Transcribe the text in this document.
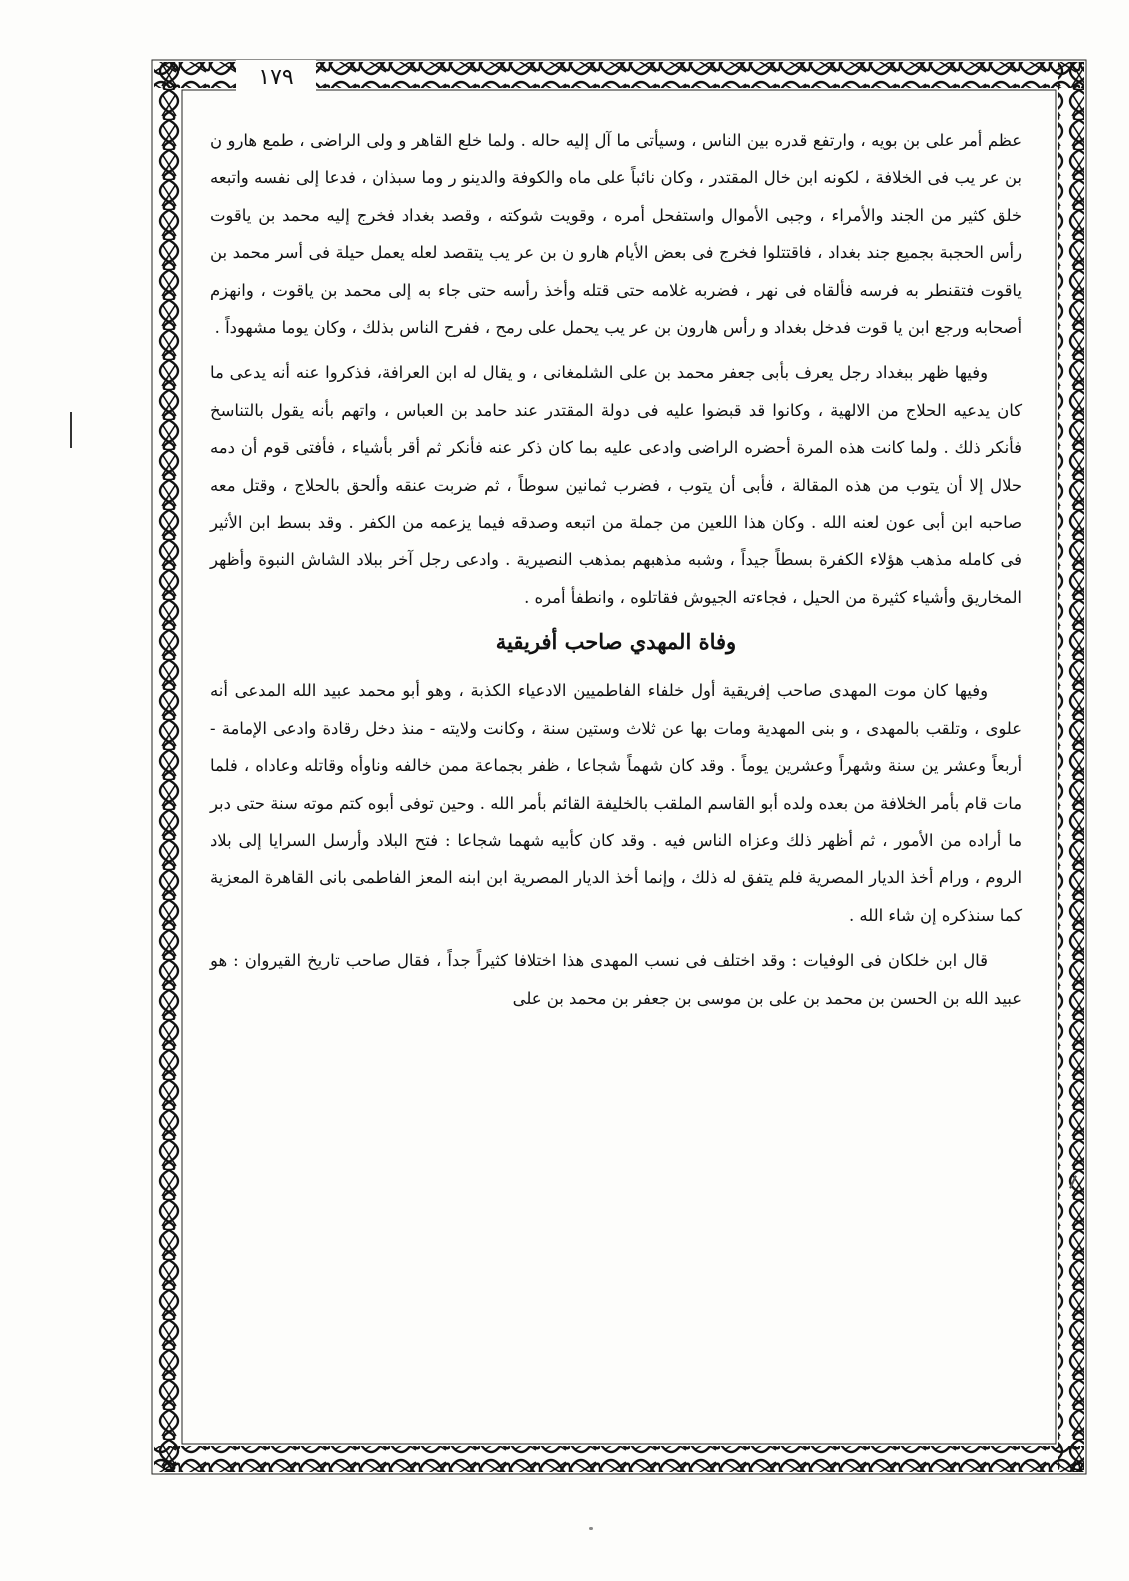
١٧٩

عظم أمر على بن بويه ، وارتفع قدره بين الناس ، وسيأتى ما آل إليه حاله . ولما خلع القاهر و ولى الراضى ، طمع هارو ن بن عر يب فى الخلافة ، لكونه ابن خال المقتدر ، وكان نائباً على ماه والكوفة والدينو ر وما سبذان ، فدعا إلى نفسه واتبعه خلق كثير من الجند والأمراء ، وجبى الأموال واستفحل أمره ، وقويت شوكته ، وقصد بغداد فخرج إليه محمد بن ياقوت رأس الحجبة بجميع جند بغداد ، فاقتتلوا فخرج فى بعض الأيام هارو ن بن عر يب يتقصد لعله يعمل حيلة فى أسر محمد بن ياقوت فتقنطر به فرسه فألقاه فى نهر ، فضربه غلامه حتى قتله وأخذ رأسه حتى جاء به إلى محمد بن ياقوت ، وانهزم أصحابه ورجع ابن يا قوت فدخل بغداد و رأس هارون بن عر يب يحمل على رمح ، ففرح الناس بذلك ، وكان يوما مشهوداً .

وفيها ظهر ببغداد رجل يعرف بأبى جعفر محمد بن على الشلمغانى ، و يقال له ابن العرافة، فذكروا عنه أنه يدعى ما كان يدعيه الحلاج من الالهية ، وكانوا قد قبضوا عليه فى دولة المقتدر عند حامد بن العباس ، واتهم بأنه يقول بالتناسخ فأنكر ذلك . ولما كانت هذه المرة أحضره الراضى وادعى عليه بما كان ذكر عنه فأنكر ثم أقر بأشياء ، فأفتى قوم أن دمه حلال إلا أن يتوب من هذه المقالة ، فأبى أن يتوب ، فضرب ثمانين سوطاً ، ثم ضربت عنقه وألحق بالحلاج ، وقتل معه صاحبه ابن أبى عون لعنه الله . وكان هذا اللعين من جملة من اتبعه وصدقه فيما يزعمه من الكفر . وقد بسط ابن الأثير فى كامله مذهب هؤلاء الكفرة بسطاً جيداً ، وشبه مذهبهم بمذهب النصيرية . وادعى رجل آخر ببلاد الشاش النبوة وأظهر المخاريق وأشياء كثيرة من الحيل ، فجاءته الجيوش فقاتلوه ، وانطفأ أمره .

وفاة المهدي صاحب أفريقية

وفيها كان موت المهدى صاحب إفريقية أول خلفاء الفاطميين الادعياء الكذبة ، وهو أبو محمد عبيد الله المدعى أنه علوى ، وتلقب بالمهدى ، و بنى المهدية ومات بها عن ثلاث وستين سنة ، وكانت ولايته - منذ دخل رقادة وادعى الإمامة - أربعاً وعشر ين سنة وشهراً وعشرين يوماً . وقد كان شهماً شجاعا ، ظفر بجماعة ممن خالفه وناوأه وقاتله وعاداه ، فلما مات قام بأمر الخلافة من بعده ولده أبو القاسم الملقب بالخليفة القائم بأمر الله . وحين توفى أبوه كتم موته سنة حتى دبر ما أراده من الأمور ، ثم أظهر ذلك وعزاه الناس فيه . وقد كان كأبيه شهما شجاعا : فتح البلاد وأرسل السرايا إلى بلاد الروم ، ورام أخذ الديار المصرية فلم يتفق له ذلك ، وإنما أخذ الديار المصرية ابن ابنه المعز الفاطمى بانى القاهرة المعزية كما سنذكره إن شاء الله .

قال ابن خلكان فى الوفيات : وقد اختلف فى نسب المهدى هذا اختلافا كثيراً جداً ، فقال صاحب تاريخ القيروان : هو عبيد الله بن الحسن بن محمد بن على بن موسى بن جعفر بن محمد بن على
